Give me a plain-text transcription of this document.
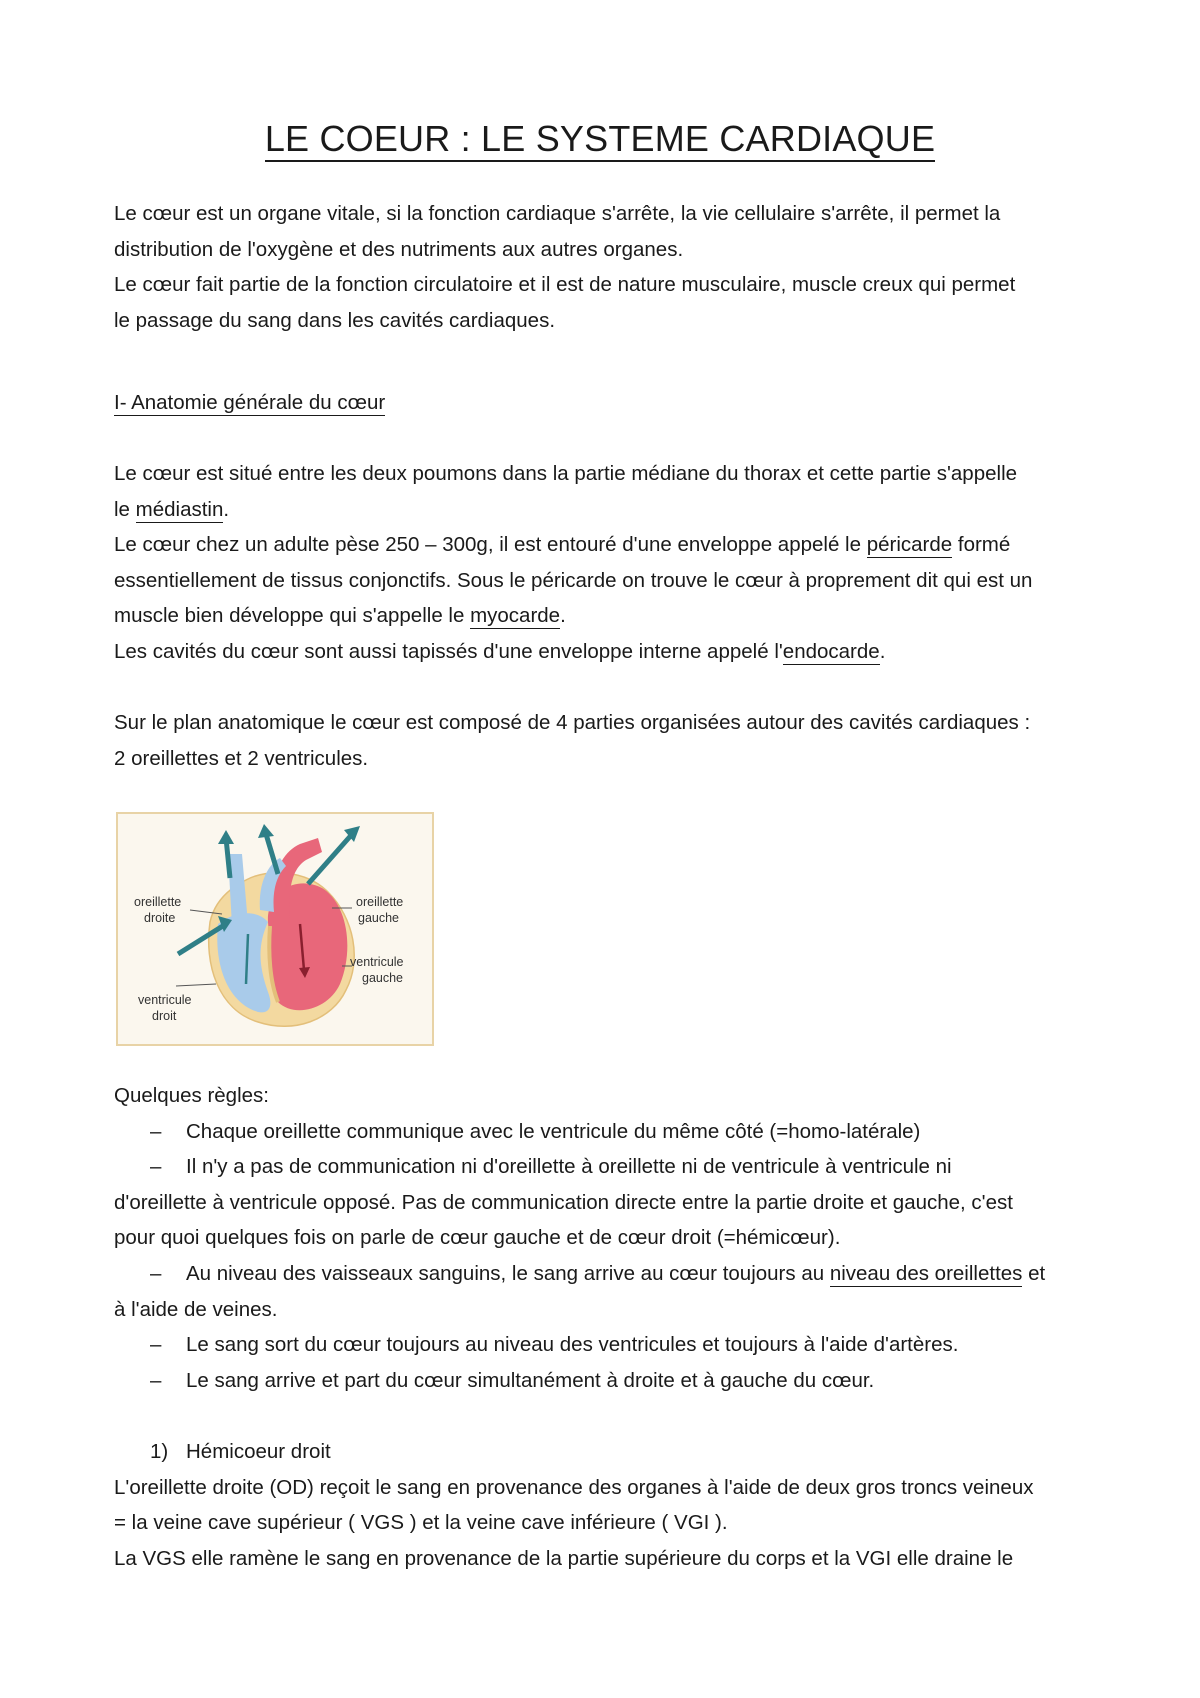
LE COEUR : LE SYSTEME CARDIAQUE
Le cœur est un organe vitale, si la fonction cardiaque s'arrête, la vie cellulaire s'arrête, il permet la
distribution de l'oxygène et des nutriments aux autres organes.
Le cœur fait partie de la fonction circulatoire et il est de nature musculaire, muscle creux qui permet
le passage du sang dans les cavités cardiaques.
I- Anatomie générale du cœur
Le cœur est situé entre les deux poumons dans la partie médiane du thorax et cette partie s'appelle
le médiastin.
Le cœur chez un adulte pèse 250 – 300g, il est entouré d'une enveloppe appelé le péricarde formé
essentiellement de tissus conjonctifs. Sous le péricarde on trouve le cœur à proprement dit qui est un
muscle bien développe qui s'appelle le myocarde.
Les cavités du cœur sont aussi tapissés d'une enveloppe interne appelé l'endocarde.
Sur le plan anatomique le cœur est composé de 4 parties organisées autour des cavités cardiaques :
2 oreillettes et 2 ventricules.
oreillette
droite
oreillette
gauche
ventricule
gauche
ventricule
droit
Quelques règles:
– Chaque oreillette communique avec le ventricule du même côté (=homo-latérale)
– Il n'y a pas de communication ni d'oreillette à oreillette ni de ventricule à ventricule ni
d'oreillette à ventricule opposé. Pas de communication directe entre la partie droite et gauche, c'est
pour quoi quelques fois on parle de cœur gauche et de cœur droit (=hémicœur).
– Au niveau des vaisseaux sanguins, le sang arrive au cœur toujours au niveau des oreillettes et
à l'aide de veines.
– Le sang sort du cœur toujours au niveau des ventricules et toujours à l'aide d'artères.
– Le sang arrive et part du cœur simultanément à droite et à gauche du cœur.
1) Hémicoeur droit
L'oreillette droite (OD) reçoit le sang en provenance des organes à l'aide de deux gros troncs veineux
= la veine cave supérieur ( VGS ) et la veine cave inférieure ( VGI ).
La VGS elle ramène le sang en provenance de la partie supérieure du corps et la VGI elle draine le
